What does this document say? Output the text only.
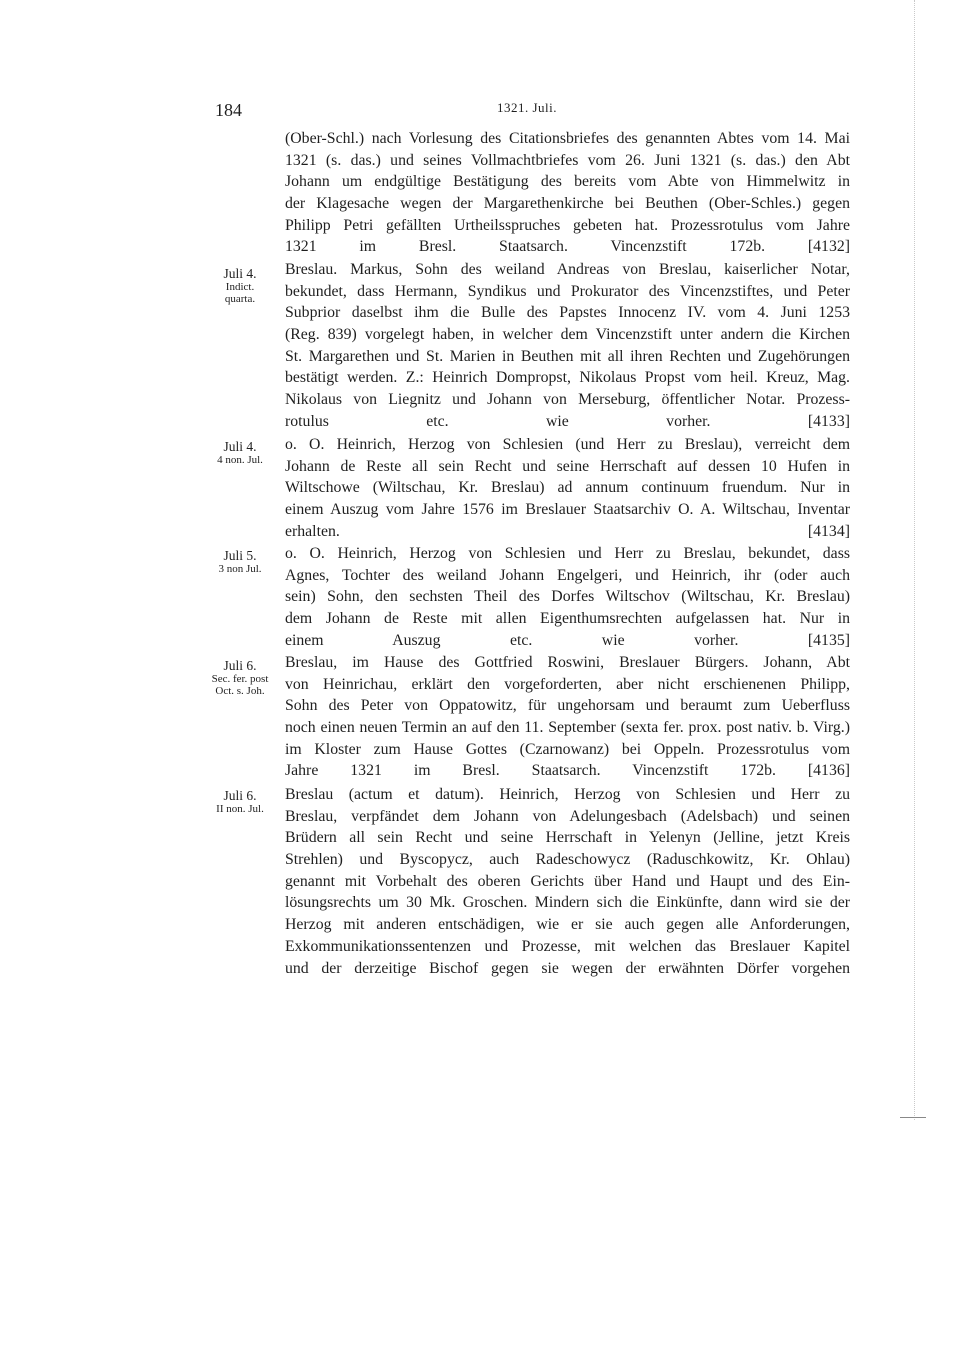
184	1321. Juli.
(Ober-Schl.) nach Vorlesung des Citationsbriefes des genannten Abtes vom 14. Mai
1321 (s. das.) und seines Vollmachtbriefes vom 26. Juni 1321 (s. das.) den Abt
Johann um endgültige Bestätigung des bereits vom Abte von Himmelwitz in
der Klagesache wegen der Margarethenkirche bei Beuthen (Ober-Schles.) gegen
Philipp Petri gefällten Urtheilsspruches gebeten hat. Prozessrotulus vom Jahre
1321 im Bresl. Staatsarch. Vincenzstift 172b. [4132]
Juli 4.
Indict.
quarta.
Breslau. Markus, Sohn des weiland Andreas von Breslau, kaiserlicher Notar,
bekundet, dass Hermann, Syndikus und Prokurator des Vincenzstiftes, und Peter
Subprior daselbst ihm die Bulle des Papstes Innocenz IV. vom 4. Juni 1253
(Reg. 839) vorgelegt haben, in welcher dem Vincenzstift unter andern die Kirchen
St. Margarethen und St. Marien in Beuthen mit all ihren Rechten und Zugehörungen
bestätigt werden. Z.: Heinrich Dompropst, Nikolaus Propst vom heil. Kreuz, Mag.
Nikolaus von Liegnitz und Johann von Merseburg, öffentlicher Notar. Prozess-
rotulus etc. wie vorher. [4133]
Juli 4.
4 non. Jul.
o. O. Heinrich, Herzog von Schlesien (und Herr zu Breslau), verreicht dem
Johann de Reste all sein Recht und seine Herrschaft auf dessen 10 Hufen in
Wiltschowe (Wiltschau, Kr. Breslau) ad annum continuum fruendum. Nur in
einem Auszug vom Jahre 1576 im Breslauer Staatsarchiv O. A. Wiltschau, Inventar
erhalten. [4134]
Juli 5.
3 non Jul.
o. O. Heinrich, Herzog von Schlesien und Herr zu Breslau, bekundet, dass
Agnes, Tochter des weiland Johann Engelgeri, und Heinrich, ihr (oder auch
sein) Sohn, den sechsten Theil des Dorfes Wiltschov (Wiltschau, Kr. Breslau)
dem Johann de Reste mit allen Eigenthumsrechten aufgelassen hat. Nur in
einem Auszug etc. wie vorher. [4135]
Juli 6.
Sec. fer. post
Oct. s. Joh.
Breslau, im Hause des Gottfried Roswini, Breslauer Bürgers. Johann, Abt
von Heinrichau, erklärt den vorgeforderten, aber nicht erschienenen Philipp,
Sohn des Peter von Oppatowitz, für ungehorsam und beraumt zum Ueberfluss
noch einen neuen Termin an auf den 11. September (sexta fer. prox. post nativ. b. Virg.)
im Kloster zum Hause Gottes (Czarnowanz) bei Oppeln. Prozessrotulus vom
Jahre 1321 im Bresl. Staatsarch. Vincenzstift 172b. [4136]
Juli 6.
II non. Jul.
Breslau (actum et datum). Heinrich, Herzog von Schlesien und Herr zu
Breslau, verpfändet dem Johann von Adelungesbach (Adelsbach) und seinen
Brüdern all sein Recht und seine Herrschaft in Yelenyn (Jelline, jetzt Kreis
Strehlen) und Byscopycz, auch Radeschowycz (Raduschkowitz, Kr. Ohlau)
genannt mit Vorbehalt des oberen Gerichts über Hand und Haupt und des Ein-
lösungsrechts um 30 Mk. Groschen. Mindern sich die Einkünfte, dann wird sie der
Herzog mit anderen entschädigen, wie er sie auch gegen alle Anforderungen,
Exkommunikationssentenzen und Prozesse, mit welchen das Breslauer Kapitel
und der derzeitige Bischof gegen sie wegen der erwähnten Dörfer vorgehen
